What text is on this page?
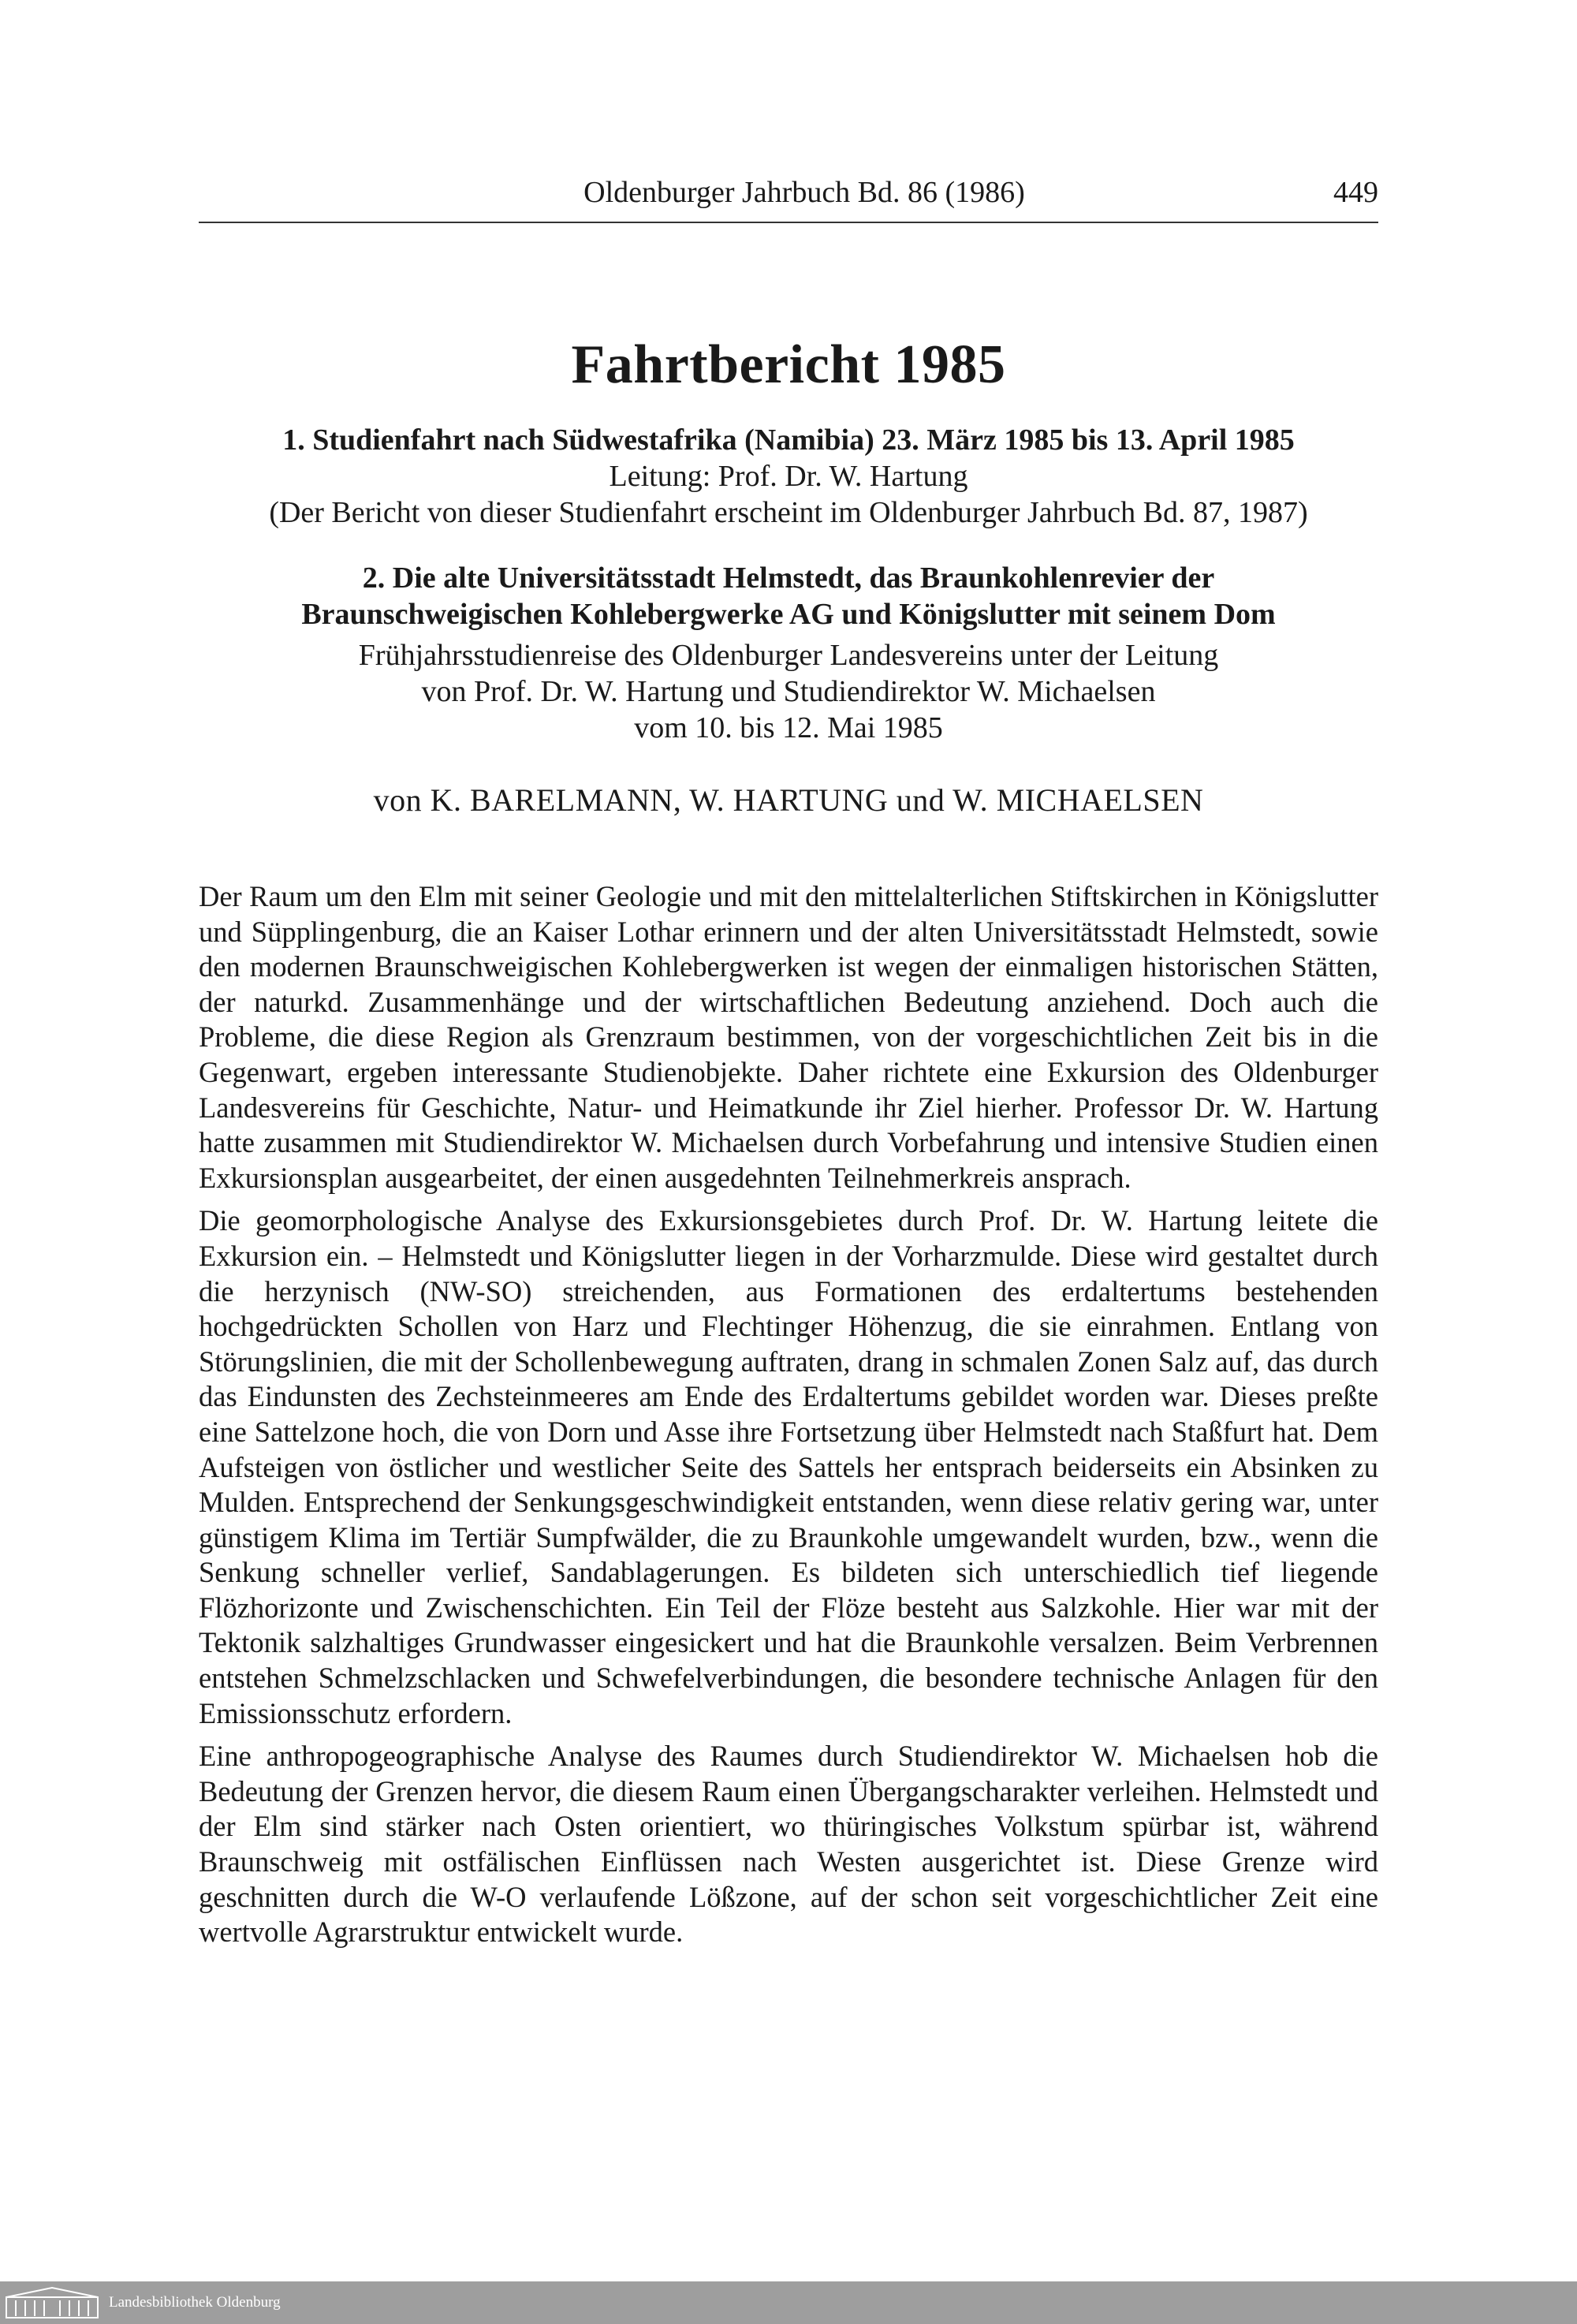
Oldenburger Jahrbuch Bd. 86 (1986)	449
Fahrtbericht 1985
1. Studienfahrt nach Südwestafrika (Namibia) 23. März 1985 bis 13. April 1985
Leitung: Prof. Dr. W. Hartung
(Der Bericht von dieser Studienfahrt erscheint im Oldenburger Jahrbuch Bd. 87, 1987)
2. Die alte Universitätsstadt Helmstedt, das Braunkohlenrevier der Braunschweigischen Kohlebergwerke AG und Königslutter mit seinem Dom
Frühjahrsstudienreise des Oldenburger Landesvereins unter der Leitung von Prof. Dr. W. Hartung und Studiendirektor W. Michaelsen
vom 10. bis 12. Mai 1985
von K. BARELMANN, W. HARTUNG und W. MICHAELSEN

Der Raum um den Elm mit seiner Geologie und mit den mittelalterlichen Stiftskirchen in Königslutter und Süpplingenburg, die an Kaiser Lothar erinnern und der alten Universitätsstadt Helmstedt, sowie den modernen Braunschweigischen Kohlebergwerken ist wegen der einmaligen historischen Stätten, der naturkd. Zusammenhänge und der wirtschaftlichen Bedeutung anziehend. Doch auch die Probleme, die diese Region als Grenzraum bestimmen, von der vorgeschichtlichen Zeit bis in die Gegenwart, ergeben interessante Studienobjekte. Daher richtete eine Exkursion des Oldenburger Landesvereins für Geschichte, Natur- und Heimatkunde ihr Ziel hierher. Professor Dr. W. Hartung hatte zusammen mit Studiendirektor W. Michaelsen durch Vorbefahrung und intensive Studien einen Exkursionsplan ausgearbeitet, der einen ausgedehnten Teilnehmerkreis ansprach.

Die geomorphologische Analyse des Exkursionsgebietes durch Prof. Dr. W. Hartung leitete die Exkursion ein. – Helmstedt und Königslutter liegen in der Vorharzmulde. Diese wird gestaltet durch die herzynisch (NW-SO) streichenden, aus Formationen des erdaltertums bestehenden hochgedrückten Schollen von Harz und Flechtinger Höhenzug, die sie einrahmen. Entlang von Störungslinien, die mit der Schollenbewegung auftraten, drang in schmalen Zonen Salz auf, das durch das Eindunsten des Zechsteinmeeres am Ende des Erdaltertums gebildet worden war. Dieses preßte eine Sattelzone hoch, die von Dorn und Asse ihre Fortsetzung über Helmstedt nach Staßfurt hat. Dem Aufsteigen von östlicher und westlicher Seite des Sattels her entsprach beiderseits ein Absinken zu Mulden. Entsprechend der Senkungsgeschwindigkeit entstanden, wenn diese relativ gering war, unter günstigem Klima im Tertiär Sumpfwälder, die zu Braunkohle umgewandelt wurden, bzw., wenn die Senkung schneller verlief, Sandablagerungen. Es bildeten sich unterschiedlich tief liegende Flözhorizonte und Zwischenschichten. Ein Teil der Flöze besteht aus Salzkohle. Hier war mit der Tektonik salzhaltiges Grundwasser eingesickert und hat die Braunkohle versalzen. Beim Verbrennen entstehen Schmelzschlacken und Schwefelverbindungen, die besondere technische Anlagen für den Emissionsschutz erfordern.

Eine anthropogeographische Analyse des Raumes durch Studiendirektor W. Michaelsen hob die Bedeutung der Grenzen hervor, die diesem Raum einen Übergangscharakter verleihen. Helmstedt und der Elm sind stärker nach Osten orientiert, wo thüringisches Volkstum spürbar ist, während Braunschweig mit ostfälischen Einflüssen nach Westen ausgerichtet ist. Diese Grenze wird geschnitten durch die W-O verlaufende Lößzone, auf der schon seit vorgeschichtlicher Zeit eine wertvolle Agrarstruktur entwickelt wurde.

Landesbibliothek Oldenburg
